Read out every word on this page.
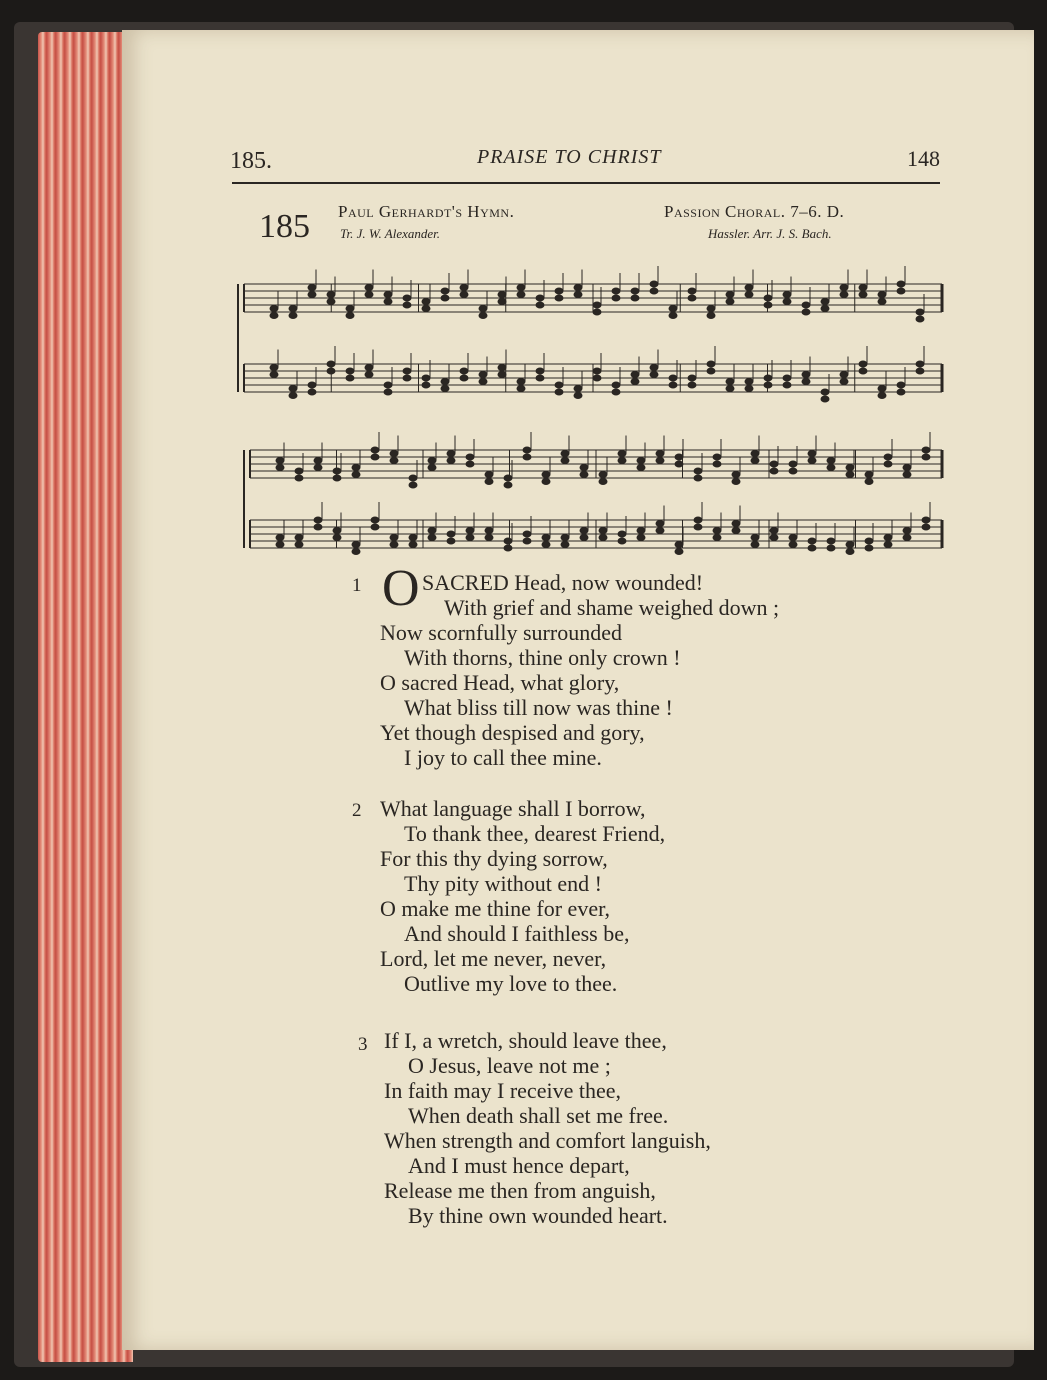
185.	PRAISE TO CHRIST	148
185 Paul Gerhardt's Hymn.
Tr. J. W. Alexander.
Passion Choral. 7–6. D.
Hassler. Arr. J. S. Bach.
1 O SACRED Head, now wounded!
With grief and shame weighed down ;
Now scornfully surrounded
With thorns, thine only crown !
O sacred Head, what glory,
What bliss till now was thine !
Yet though despised and gory,
I joy to call thee mine.
2 What language shall I borrow,
To thank thee, dearest Friend,
For this thy dying sorrow,
Thy pity without end !
O make me thine for ever,
And should I faithless be,
Lord, let me never, never,
Outlive my love to thee.
3 If I, a wretch, should leave thee,
O Jesus, leave not me ;
In faith may I receive thee,
When death shall set me free.
When strength and comfort languish,
And I must hence depart,
Release me then from anguish,
By thine own wounded heart.
